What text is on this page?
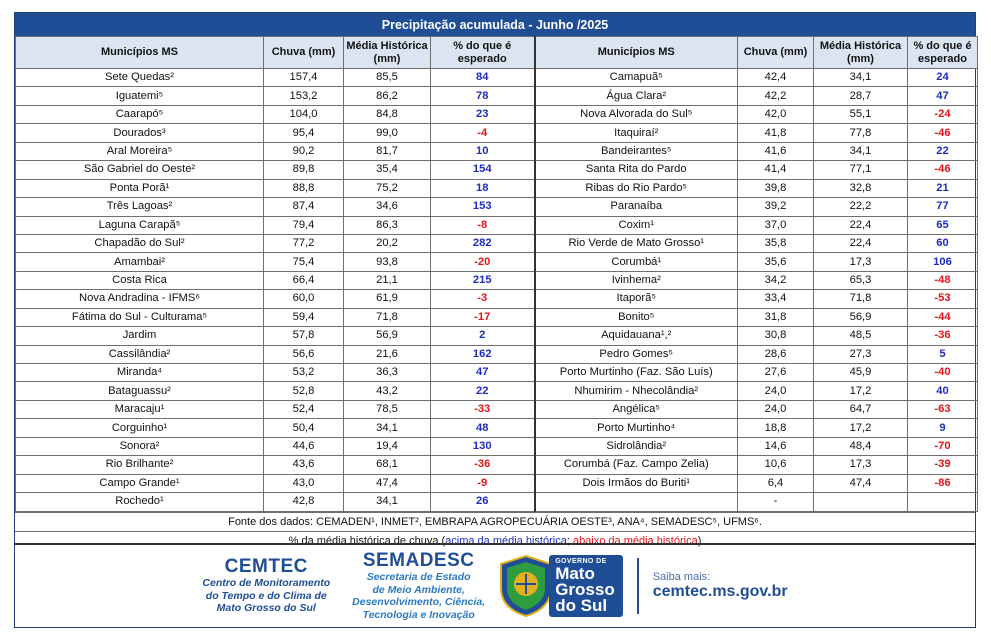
Precipitação acumulada - Junho /2025
Municípios MS	Chuva (mm)	Média Histórica (mm)	% do que é esperado	Municípios MS	Chuva (mm)	Média Histórica (mm)	% do que é esperado
Sete Quedas²	157,4	85,5	84	Camapuã⁵	42,4	34,1	24
Iguatemi⁵	153,2	86,2	78	Água Clara²	42,2	28,7	47
Caarapó⁵	104,0	84,8	23	Nova Alvorada do Sul⁵	42,0	55,1	-24
Dourados³	95,4	99,0	-4	Itaquiraí²	41,8	77,8	-46
Aral Moreira⁵	90,2	81,7	10	Bandeirantes⁵	41,6	34,1	22
São Gabriel do Oeste²	89,8	35,4	154	Santa Rita do Pardo	41,4	77,1	-46
Ponta Porã¹	88,8	75,2	18	Ribas do Rio Pardo⁵	39,8	32,8	21
Três Lagoas²	87,4	34,6	153	Paranaíba	39,2	22,2	77
Laguna Carapã⁵	79,4	86,3	-8	Coxim¹	37,0	22,4	65
Chapadão do Sul²	77,2	20,2	282	Rio Verde de Mato Grosso¹	35,8	22,4	60
Amambai²	75,4	93,8	-20	Corumbá¹	35,6	17,3	106
Costa Rica	66,4	21,1	215	Ivinhema²	34,2	65,3	-48
Nova Andradina - IFMS⁶	60,0	61,9	-3	Itaporã⁵	33,4	71,8	-53
Fátima do Sul - Culturama⁵	59,4	71,8	-17	Bonito⁵	31,8	56,9	-44
Jardim	57,8	56,9	2	Aquidauana¹,²	30,8	48,5	-36
Cassilândia²	56,6	21,6	162	Pedro Gomes⁵	28,6	27,3	5
Miranda⁴	53,2	36,3	47	Porto Murtinho (Faz. São Luís)	27,6	45,9	-40
Bataguassu²	52,8	43,2	22	Nhumirim - Nhecolândia²	24,0	17,2	40
Maracaju¹	52,4	78,5	-33	Angélica⁵	24,0	64,7	-63
Corguinho¹	50,4	34,1	48	Porto Murtinho⁴	18,8	17,2	9
Sonora²	44,6	19,4	130	Sidrolândia²	14,6	48,4	-70
Rio Brilhante²	43,6	68,1	-36	Corumbá (Faz. Campo Zelia)	10,6	17,3	-39
Campo Grande¹	43,0	47,4	-9	Dois Irmãos do Buriti¹	6,4	47,4	-86
Rochedo¹	42,8	34,1	26		-		
Fonte dos dados: CEMADEN¹, INMET², EMBRAPA AGROPECUÁRIA OESTE³, ANA⁴, SEMADESC⁵, UFMS⁶.
% da média histórica de chuva ( acima da média histórica ; abaixo da média histórica )
CEMTEC
Centro de Monitoramento
do Tempo e do Clima de
Mato Grosso do Sul
SEMADESC
Secretaria de Estado
de Meio Ambiente,
Desenvolvimento, Ciência,
Tecnologia e Inovação
GOVERNO DE
Mato
Grosso
do Sul
Saiba mais:
cemtec.ms.gov.br
